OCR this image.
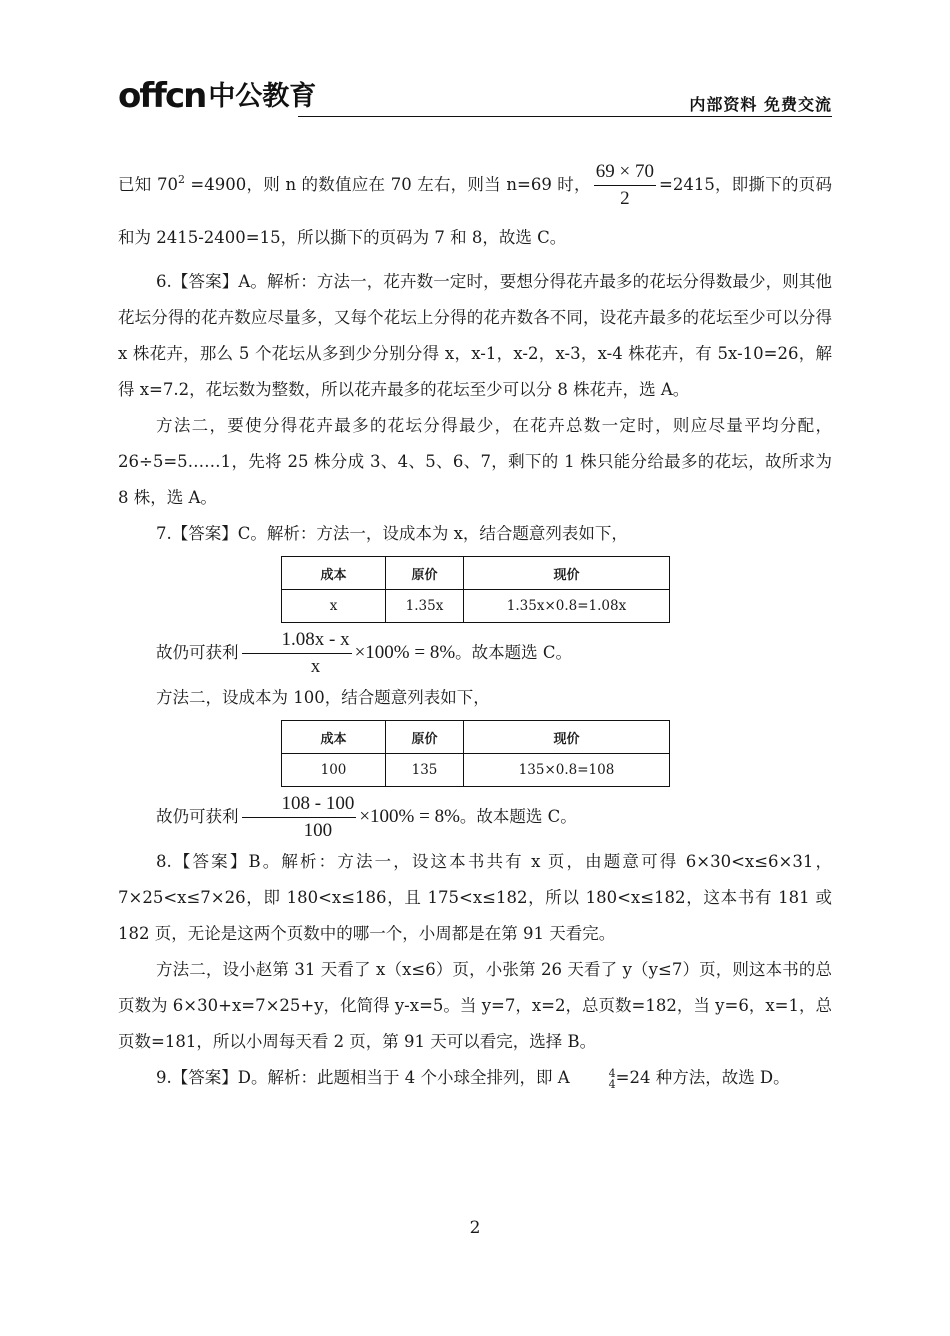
offcn 中公教育	内部资料 免费交流

已知 $70^2 =4900$，则 n 的数值应在 70 左右，则当 n=69 时， $\frac{69 \times 70}{2} =2415$，即撕下的页码和为 2415-2400=15，所以撕下的页码为 7 和 8，故选 C。

6.【答案】A。解析：方法一，花卉数一定时，要想分得花卉最多的花坛分得数最少，则其他花坛分得的花卉数应尽量多，又每个花坛上分得的花卉数各不同，设花卉最多的花坛至少可以分得 x 株花卉，那么 5 个花坛从多到少分别分得 x，x-1，x-2，x-3，x-4 株花卉，有 5x-10=26，解得 x=7.2，花坛数为整数，所以花卉最多的花坛至少可以分 8 株花卉，选 A。

方法二，要使分得花卉最多的花坛分得最少，在花卉总数一定时，则应尽量平均分配，26÷5=5……1，先将 25 株分成 3、4、5、6、7，剩下的 1 株只能分给最多的花坛，故所求为 8 株，选 A。

7.【答案】C。解析：方法一，设成本为 x，结合题意列表如下，

成本	原价	现价
x	1.35x	1.35x×0.8=1.08x

故仍可获利 $\frac{1.08x - x}{x} \times 100\% = 8\%$。故本题选 C。

方法二，设成本为 100，结合题意列表如下，

成本	原价	现价
100	135	135×0.8=108

故仍可获利 $\frac{108 - 100}{100} \times 100\% = 8\%$。故本题选 C。

8.【答案】B。解析：方法一，设这本书共有 x 页，由题意可得 6×30<x≤6×31，7×25<x≤7×26，即 180<x≤186，且 175<x≤182，所以 180<x≤182，这本书有 181 或 182 页，无论是这两个页数中的哪一个，小周都是在第 91 天看完。

方法二，设小赵第 31 天看了 x（x≤6）页，小张第 26 天看了 y（y≤7）页，则这本书的总页数为 6×30+x=7×25+y，化简得 y-x=5。当 y=7，x=2，总页数=182，当 y=6，x=1，总页数=181，所以小周每天看 2 页，第 91 天可以看完，选择 B。

9.【答案】D。解析：此题相当于 4 个小球全排列，即 A	4
4 =24 种方法，故选 D。

2
